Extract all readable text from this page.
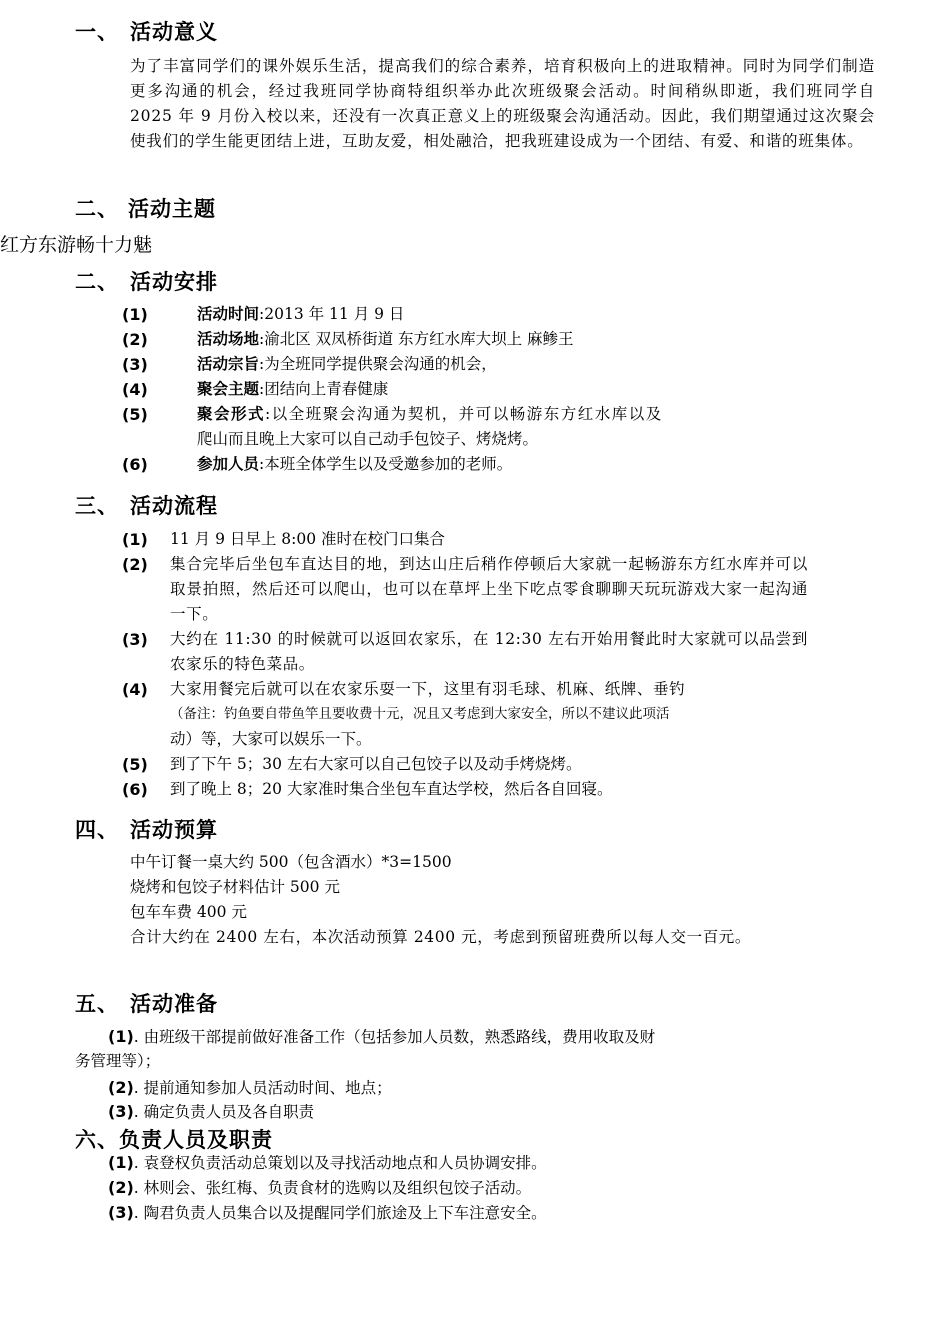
一、 活动意义
为了丰富同学们的课外娱乐生活，提高我们的综合素养，培育积极向上的进取精神。同时为同学们制造更多沟通的机会，经过我班同学协商特组织举办此次班级聚会活动。时间稍纵即逝，我们班同学自 2025 年 9 月份入校以来，还没有一次真正意义上的班级聚会沟通活动。因此，我们期望通过这次聚会使我们的学生能更团结上进，互助友爱，相处融洽，把我班建设成为一个团结、有爱、和谐的班集体。
二、 活动主题
红方东游畅十力魅
二、 活动安排
(1)	活动时间:2013 年 11 月 9 日
(2)	活动场地:渝北区 双凤桥街道 东方红水库大坝上 麻鲹王
(3)	活动宗旨:为全班同学提供聚会沟通的机会，
(4)	聚会主题:团结向上青春健康
(5)	聚会形式:以全班聚会沟通为契机，并可以畅游东方红水库以及
爬山而且晚上大家可以自己动手包饺子、烤烧烤。
(6)	参加人员:本班全体学生以及受邀参加的老师。
三、 活动流程
(1) 11 月 9 日早上 8:00 准时在校门口集合
(2) 集合完毕后坐包车直达目的地，到达山庄后稍作停顿后大家就一起畅游东方红水库并可以取景拍照，然后还可以爬山，也可以在草坪上坐下吃点零食聊聊天玩玩游戏大家一起沟通一下。
(3) 大约在 11:30 的时候就可以返回农家乐，在 12:30 左右开始用餐此时大家就可以品尝到农家乐的特色菜品。
(4) 大家用餐完后就可以在农家乐耍一下，这里有羽毛球、机麻、纸牌、垂钓
（备注：钓鱼要自带鱼竿且要收费十元，况且又考虑到大家安全，所以不建议此项活
动）等，大家可以娱乐一下。
(5) 到了下午 5；30 左右大家可以自己包饺子以及动手烤烧烤。
(6) 到了晚上 8；20 大家准时集合坐包车直达学校，然后各自回寝。
四、 活动预算
中午订餐一桌大约 500（包含酒水）*3=1500
烧烤和包饺子材料估计 500 元
包车车费 400 元
合计大约在 2400 左右，本次活动预算 2400 元，考虑到预留班费所以每人交一百元。
五、 活动准备
(1). 由班级干部提前做好准备工作（包括参加人员数，熟悉路线，费用收取及财
务管理等）；
(2). 提前通知参加人员活动时间、地点；
(3). 确定负责人员及各自职责
六、负责人员及职责
(1). 袁登权负责活动总策划以及寻找活动地点和人员协调安排。
(2). 林则会、张红梅、负责食材的选购以及组织包饺子活动。
(3). 陶君负责人员集合以及提醒同学们旅途及上下车注意安全。
